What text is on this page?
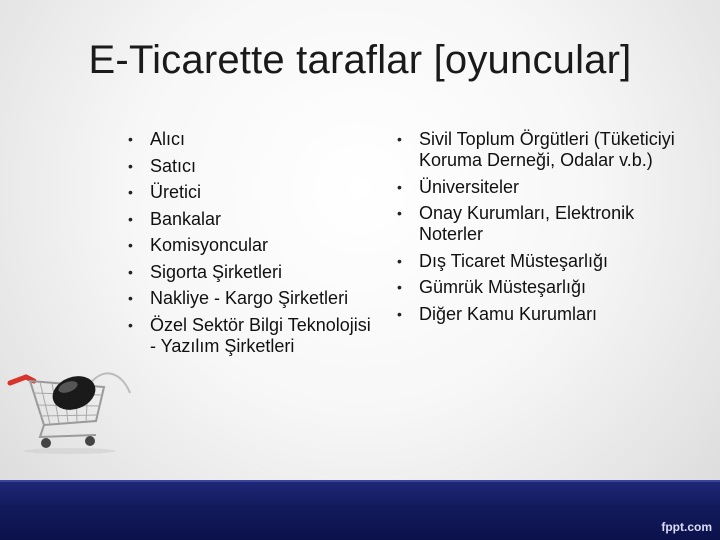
E-Ticarette taraflar [oyuncular]
• Alıcı
• Satıcı
• Üretici
• Bankalar
• Komisyoncular
• Sigorta Şirketleri
• Nakliye - Kargo Şirketleri
• Özel Sektör Bilgi Teknolojisi - Yazılım Şirketleri
• Sivil Toplum Örgütleri (Tüketiciyi Koruma Derneği, Odalar v.b.)
• Üniversiteler
• Onay Kurumları, Elektronik Noterler
• Dış Ticaret Müsteşarlığı
• Gümrük Müsteşarlığı
• Diğer Kamu Kurumları
fppt.com
